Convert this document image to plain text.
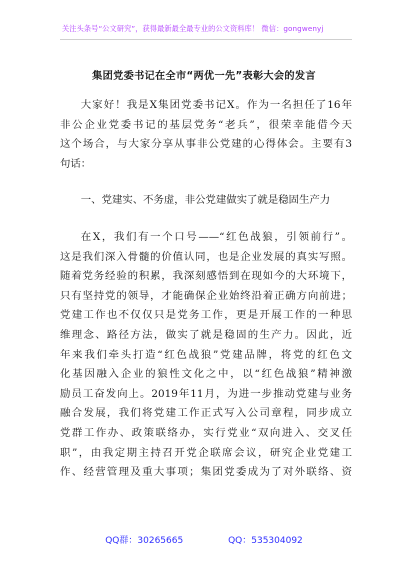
关注头条号“公文研究”，获得最新最全最专业的公文资料库！ 微信：gongwenyj
集团党委书记在全市“两优一先”表彰大会的发言
大家好！我是X集团党委书记X。作为一名担任了16年
非公企业党委书记的基层党务“老兵”，很荣幸能借今天
这个场合，与大家分享从事非公党建的心得体会。主要有3
句话：
一、党建实、不务虚，非公党建做实了就是稳固生产力
在X，我们有一个口号——“红色战狼，引领前行”。
这是我们深入骨髓的价值认同，也是企业发展的真实写照。
随着党务经验的积累，我深刻感悟到在现如今的大环境下，
只有坚持党的领导，才能确保企业始终沿着正确方向前进；
党建工作也不仅仅只是党务工作，更是开展工作的一种思
维理念、路径方法，做实了就是稳固的生产力。因此，近
年来我们牵头打造“红色战狼”党建品牌，将党的红色文
化基因融入企业的狼性文化之中，以“红色战狼”精神激
励员工奋发向上。2019年11月，为进一步推动党建与业务
融合发展，我们将党建工作正式写入公司章程，同步成立
党群工作办、政策联络办，实行党业“双向进入、交叉任
职”，由我定期主持召开党企联席会议，研究企业党建工
作、经营管理及重大事项；集团党委成为了对外联络、资
QQ群：30265665	QQ：535304092
